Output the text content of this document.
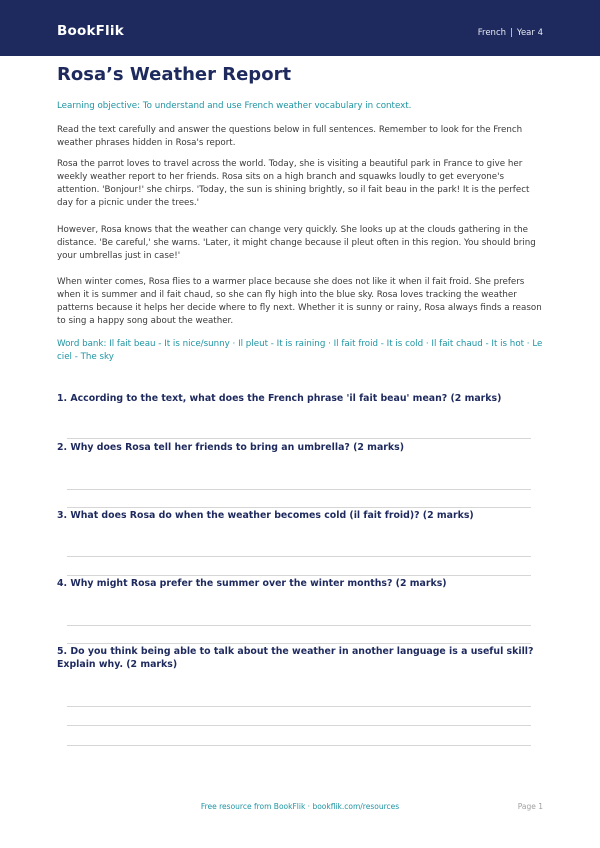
BookFlik	French | Year 4
Rosa’s Weather Report

Learning objective: To understand and use French weather vocabulary in context.

Read the text carefully and answer the questions below in full sentences. Remember to look for the French weather phrases hidden in Rosa's report.

Rosa the parrot loves to travel across the world. Today, she is visiting a beautiful park in France to give her weekly weather report to her friends. Rosa sits on a high branch and squawks loudly to get everyone's attention. 'Bonjour!' she chirps. 'Today, the sun is shining brightly, so il fait beau in the park! It is the perfect day for a picnic under the trees.'

However, Rosa knows that the weather can change very quickly. She looks up at the clouds gathering in the distance. 'Be careful,' she warns. 'Later, it might change because il pleut often in this region. You should bring your umbrellas just in case!'

When winter comes, Rosa flies to a warmer place because she does not like it when il fait froid. She prefers when it is summer and il fait chaud, so she can fly high into the blue sky. Rosa loves tracking the weather patterns because it helps her decide where to fly next. Whether it is sunny or rainy, Rosa always finds a reason to sing a happy song about the weather.

Word bank: Il fait beau - It is nice/sunny · Il pleut - It is raining · Il fait froid - It is cold · Il fait chaud - It is hot · Le ciel - The sky

1. According to the text, what does the French phrase 'il fait beau' mean? (2 marks)
2. Why does Rosa tell her friends to bring an umbrella? (2 marks)
3. What does Rosa do when the weather becomes cold (il fait froid)? (2 marks)
4. Why might Rosa prefer the summer over the winter months? (2 marks)
5. Do you think being able to talk about the weather in another language is a useful skill? Explain why. (2 marks)
Free resource from BookFlik · bookflik.com/resources	Page 1
